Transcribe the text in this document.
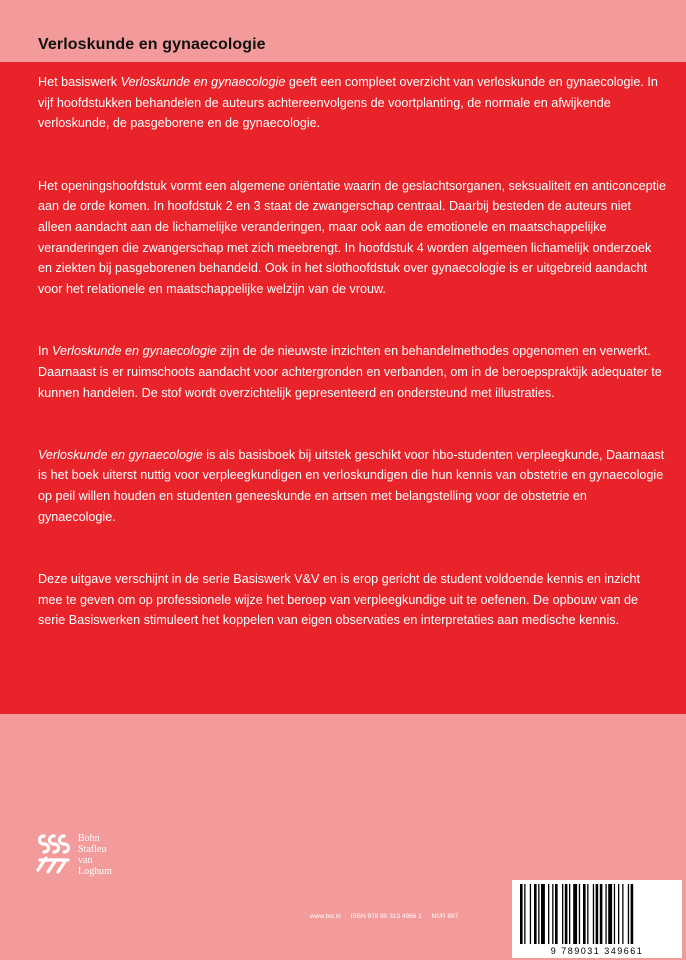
Verloskunde en gynaecologie

Het basiswerk Verloskunde en gynaecologie geeft een compleet overzicht van verloskunde en gynaecologie. In vijf hoofdstukken behandelen de auteurs achtereenvolgens de voortplanting, de normale en afwijkende verloskunde, de pasgeborene en de gynaecologie.

Het openingshoofdstuk vormt een algemene oriëntatie waarin de geslachtsorganen, seksualiteit en anticonceptie aan de orde komen. In hoofdstuk 2 en 3 staat de zwangerschap centraal. Daarbij besteden de auteurs niet alleen aandacht aan de lichamelijke veranderingen, maar ook aan de emotionele en maatschappelijke veranderingen die zwangerschap met zich meebrengt. In hoofdstuk 4 worden algemeen lichamelijk onderzoek en ziekten bij pasgeborenen behandeld. Ook in het slothoofdstuk over gynaecologie is er uitgebreid aandacht voor het relationele en maatschappelijke welzijn van de vrouw.

In Verloskunde en gynaecologie zijn de de nieuwste inzichten en behandelmethodes opgenomen en verwerkt. Daarnaast is er ruimschoots aandacht voor achtergronden en verbanden, om in de beroepspraktijk adequater te kunnen handelen. De stof wordt overzichtelijk gepresenteerd en ondersteund met illustraties.

Verloskunde en gynaecologie is als basisboek bij uitstek geschikt voor hbo-studenten verpleegkunde, Daarnaast is het boek uiterst nuttig voor verpleegkundigen en verloskundigen die hun kennis van obstetrie en gynaecologie op peil willen houden en studenten geneeskunde en artsen met belangstelling voor de obstetrie en gynaecologie.

Deze uitgave verschijnt in de serie Basiswerk V&V en is erop gericht de student voldoende kennis en inzicht mee te geven om op professionele wijze het beroep van verpleegkundige uit te oefenen. De opbouw van de serie Basiswerken stimuleert het koppelen van eigen observaties en interpretaties aan medische kennis.

Bohn
Stafleu
van Loghum
www.bsl.nl ISBN 978 90 313 4966 1 NUR 897
9 789031 349661
